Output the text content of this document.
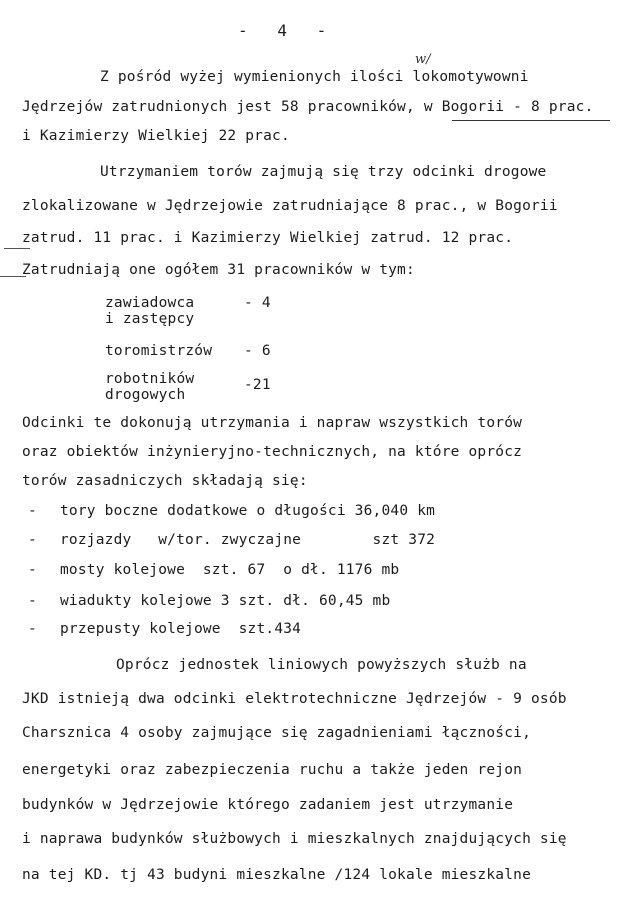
-   4   -
w/
Z pośród wyżej wymienionych ilości lokomotywowni
Jędrzejów zatrudnionych jest 58 pracowników, w Bogorii - 8 prac.
i Kazimierzy Wielkiej 22 prac.
Utrzymaniem torów zajmują się trzy odcinki drogowe
zlokalizowane w Jędrzejowie zatrudniające 8 prac., w Bogorii
zatrud. 11 prac. i Kazimierzy Wielkiej zatrud. 12 prac.
Zatrudniają one ogółem 31 pracowników w tym:
zawiadowca
i zastępcy
- 4
toromistrzów - 6
robotników
drogowych
-21
Odcinki te dokonują utrzymania i napraw wszystkich torów
oraz obiektów inżynieryjno-technicznych, na które oprócz
torów zasadniczych składają się:
- tory boczne dodatkowe o długości 36,040 km
- rozjazdy   w/tor. zwyczajne        szt 372
- mosty kolejowe  szt. 67  o dł. 1176 mb
- wiadukty kolejowe 3 szt. dł. 60,45 mb
- przepusty kolejowe  szt.434
Oprócz jednostek liniowych powyższych służb na
JKD istnieją dwa odcinki elektrotechniczne Jędrzejów - 9 osób
Charsznica 4 osoby zajmujące się zagadnieniami łączności,
energetyki oraz zabezpieczenia ruchu a także jeden rejon
budynków w Jędrzejowie którego zadaniem jest utrzymanie
i naprawa budynków służbowych i mieszkalnych znajdujących się
na tej KD. tj 43 budyni mieszkalne /124 lokale mieszkalne
